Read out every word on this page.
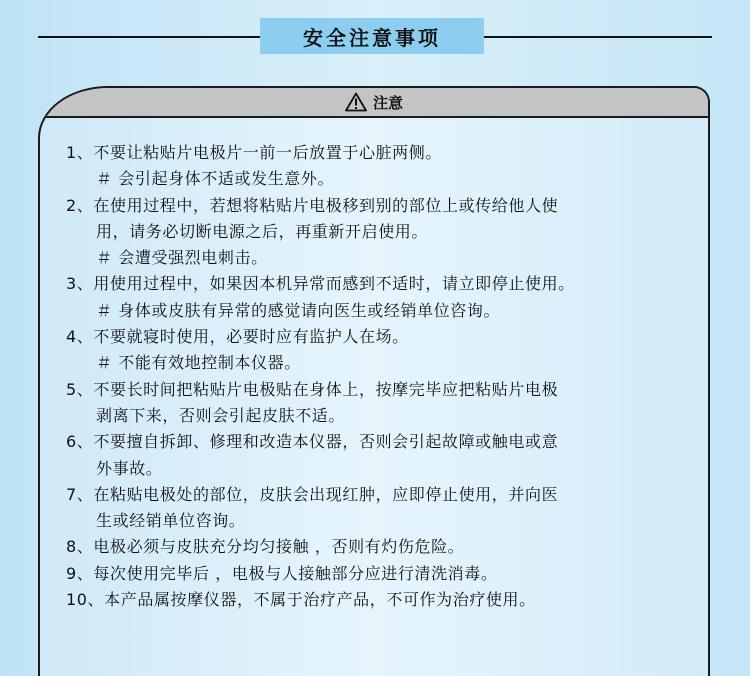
安全注意事项
注意
1、不要让粘贴片电极片一前一后放置于心脏两侧。
＃ 会引起身体不适或发生意外。
2、在使用过程中，若想将粘贴片电极移到别的部位上或传给他人使
用，请务必切断电源之后，再重新开启使用。
＃ 会遭受强烈电刺击。
3、用使用过程中，如果因本机异常而感到不适时，请立即停止使用。
＃ 身体或皮肤有异常的感觉请向医生或经销单位咨询。
4、不要就寝时使用，必要时应有监护人在场。
＃ 不能有效地控制本仪器。
5、不要长时间把粘贴片电极贴在身体上，按摩完毕应把粘贴片电极
剥离下来，否则会引起皮肤不适。
6、不要擅自拆卸、修理和改造本仪器，否则会引起故障或触电或意
外事故。
7、在粘贴电极处的部位，皮肤会出现红肿，应即停止使用，并向医
生或经销单位咨询。
8、电极必须与皮肤充分均匀接触 ，否则有灼伤危险。
9、每次使用完毕后 ，电极与人接触部分应进行清洗消毒。
10、本产品属按摩仪器，不属于治疗产品，不可作为治疗使用。
